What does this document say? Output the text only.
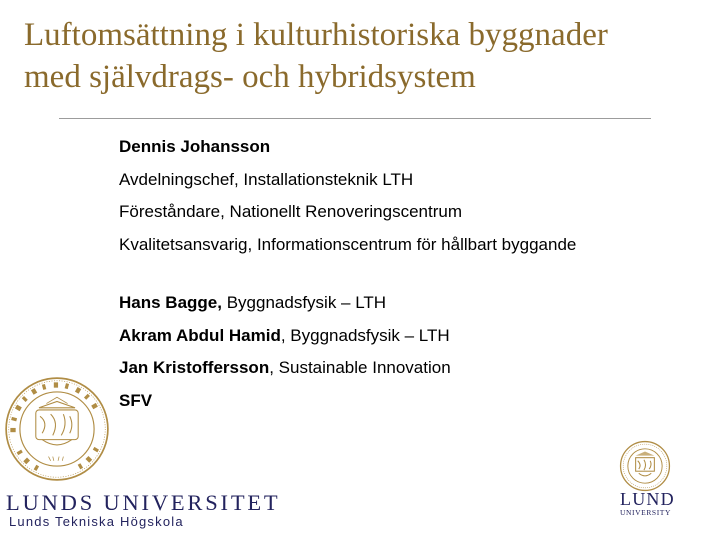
Luftomsättning i kulturhistoriska byggnader
med självdrags- och hybridsystem
Dennis Johansson
Avdelningschef, Installationsteknik LTH
Föreståndare, Nationellt Renoveringscentrum
Kvalitetsansvarig, Informationscentrum för hållbart byggande
Hans Bagge, Byggnadsfysik – LTH
Akram Abdul Hamid, Byggnadsfysik – LTH
Jan Kristoffersson, Sustainable Innovation
SFV
LUNDS UNIVERSITET
Lunds Tekniska Högskola
LUND
UNIVERSITY
